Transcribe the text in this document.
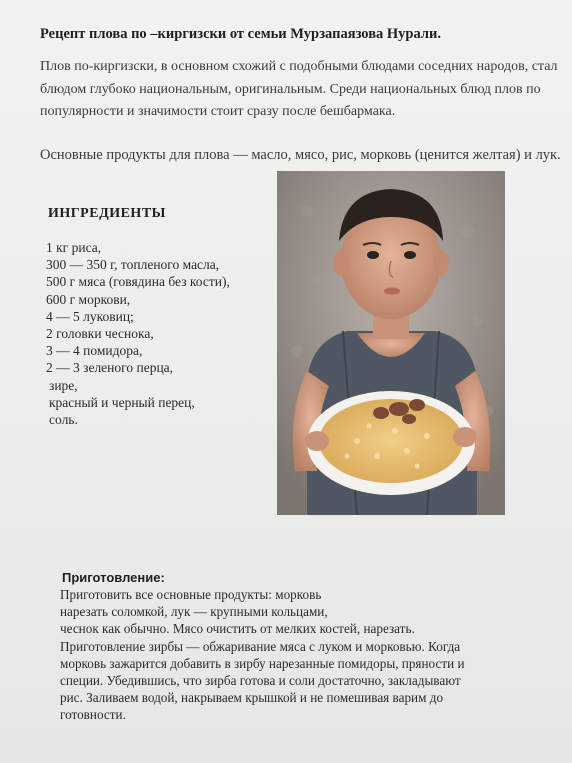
Рецепт плова по –киргизски от семьи Мурзапаязова Нурали.
Плов по-киргизски, в основном схожий с подобными блюдами соседних народов, стал блюдом глубоко национальным, оригинальным. Среди национальных блюд плов по популярности и значимости стоит сразу после бешбармака.
Основные продукты для плова — масло, мясо, рис, морковь (ценится желтая) и лук.
ИНГРЕДИЕНТЫ
1 кг риса,
300 — 350 г, топленого масла,
500 г мяса (говядина без кости),
600 г моркови,
4 — 5 луковиц;
2 головки чеснока,
3 — 4 помидора,
2 — 3 зеленого перца,
зире,
красный и черный перец,
соль.
Приготовление:
Приготовить все основные продукты: морковь
нарезать соломкой, лук — крупными кольцами,
чеснок как обычно. Мясо очистить от мелких костей, нарезать.
Приготовление зирбы — обжаривание мяса с луком и морковью. Когда
морковь зажарится добавить в зирбу нарезанные помидоры, пряности и
специи. Убедившись, что зирба готова и соли достаточно, закладывают
рис. Заливаем водой, накрываем крышкой и не помешивая варим до
готовности.
